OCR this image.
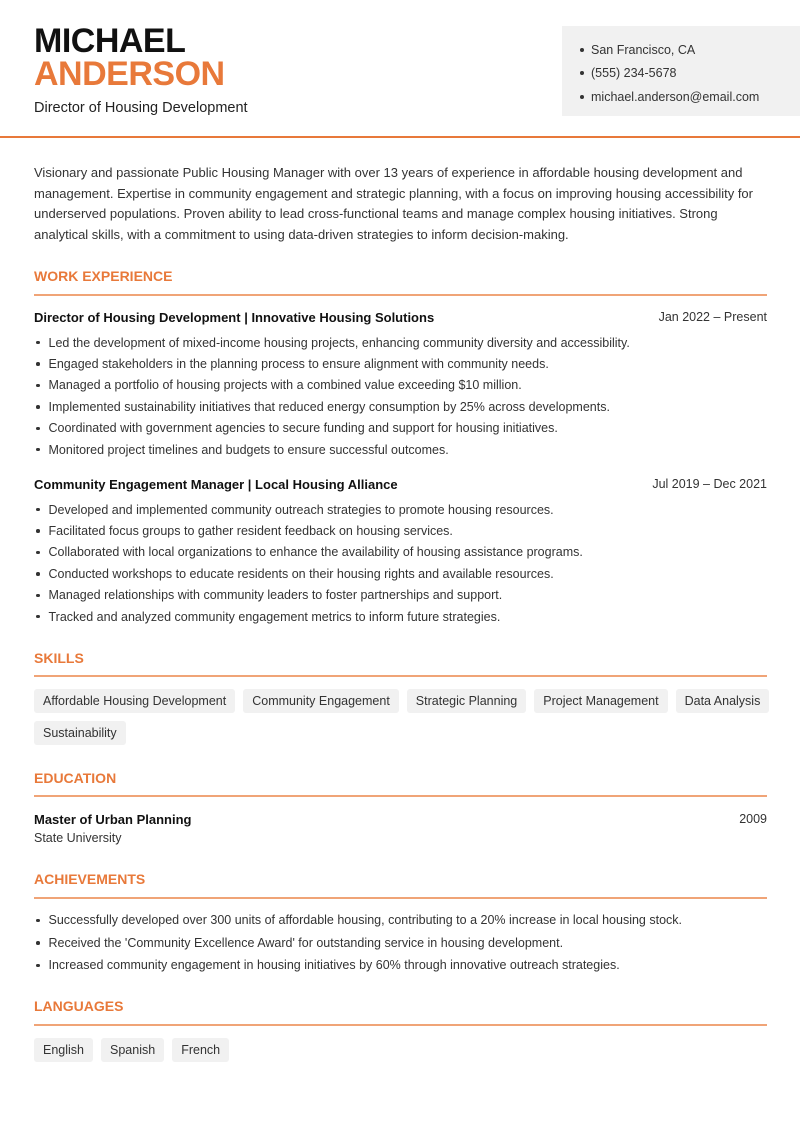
MICHAEL
ANDERSON
Director of Housing Development
San Francisco, CA
(555) 234-5678
michael.anderson@email.com

Visionary and passionate Public Housing Manager with over 13 years of experience in affordable housing development and management. Expertise in community engagement and strategic planning, with a focus on improving housing accessibility for underserved populations. Proven ability to lead cross-functional teams and manage complex housing initiatives. Strong analytical skills, with a commitment to using data-driven strategies to inform decision-making.

WORK EXPERIENCE
Director of Housing Development | Innovative Housing Solutions	Jan 2022 – Present
Led the development of mixed-income housing projects, enhancing community diversity and accessibility.
Engaged stakeholders in the planning process to ensure alignment with community needs.
Managed a portfolio of housing projects with a combined value exceeding $10 million.
Implemented sustainability initiatives that reduced energy consumption by 25% across developments.
Coordinated with government agencies to secure funding and support for housing initiatives.
Monitored project timelines and budgets to ensure successful outcomes.
Community Engagement Manager | Local Housing Alliance	Jul 2019 – Dec 2021
Developed and implemented community outreach strategies to promote housing resources.
Facilitated focus groups to gather resident feedback on housing services.
Collaborated with local organizations to enhance the availability of housing assistance programs.
Conducted workshops to educate residents on their housing rights and available resources.
Managed relationships with community leaders to foster partnerships and support.
Tracked and analyzed community engagement metrics to inform future strategies.
SKILLS
Affordable Housing Development	Community Engagement	Strategic Planning	Project Management	Data Analysis
Sustainability
EDUCATION
Master of Urban Planning	2009
State University
ACHIEVEMENTS
Successfully developed over 300 units of affordable housing, contributing to a 20% increase in local housing stock.
Received the 'Community Excellence Award' for outstanding service in housing development.
Increased community engagement in housing initiatives by 60% through innovative outreach strategies.
LANGUAGES
English	Spanish	French
